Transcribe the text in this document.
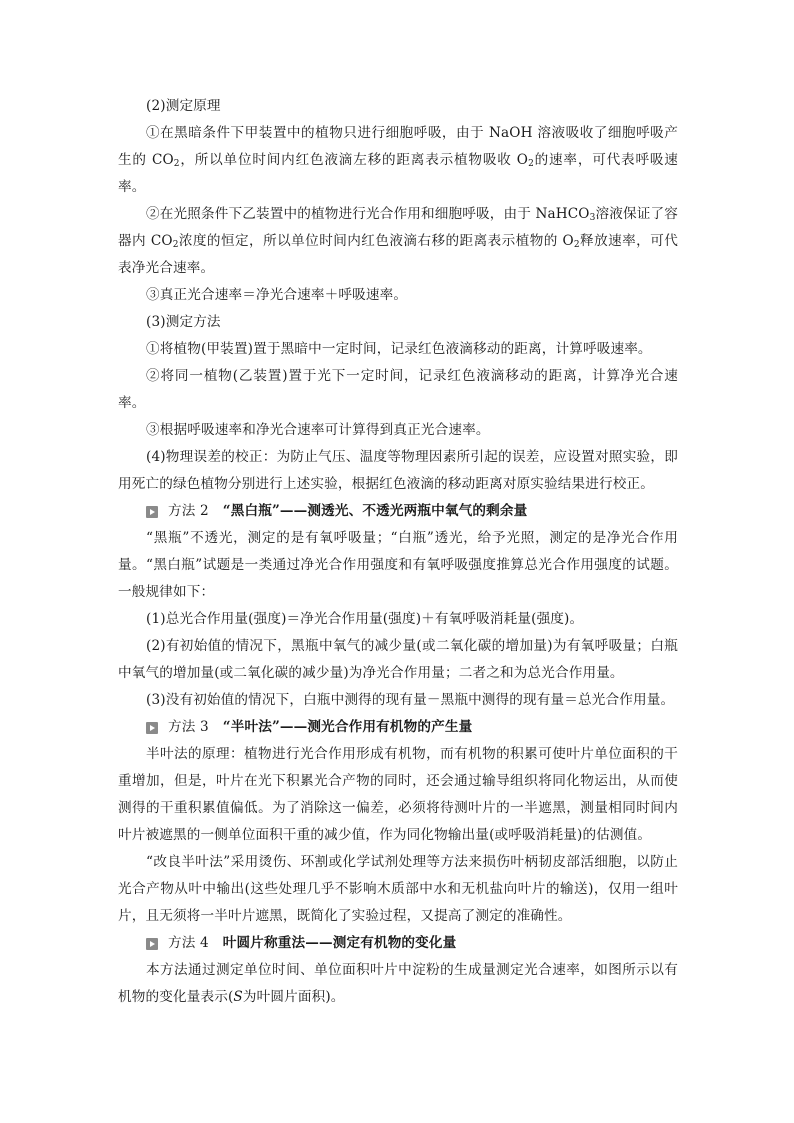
(2)测定原理

①在黑暗条件下甲装置中的植物只进行细胞呼吸，由于 NaOH 溶液吸收了细胞呼吸产生的 $CO_2$，所以单位时间内红色液滴左移的距离表示植物吸收 $O_2$的速率，可代表呼吸速率。

②在光照条件下乙装置中的植物进行光合作用和细胞呼吸，由于 NaHCO$_3$溶液保证了容器内 $CO_2$浓度的恒定，所以单位时间内红色液滴右移的距离表示植物的 $O_2$释放速率，可代表净光合速率。

③真正光合速率＝净光合速率＋呼吸速率。

(3)测定方法

①将植物(甲装置)置于黑暗中一定时间，记录红色液滴移动的距离，计算呼吸速率。

②将同一植物(乙装置)置于光下一定时间，记录红色液滴移动的距离，计算净光合速率。

③根据呼吸速率和净光合速率可计算得到真正光合速率。

(4)物理误差的校正：为防止气压、温度等物理因素所引起的误差，应设置对照实验，即用死亡的绿色植物分别进行上述实验，根据红色液滴的移动距离对原实验结果进行校正。

方法 2 “黑白瓶”——测透光、不透光两瓶中氧气的剩余量

“黑瓶”不透光，测定的是有氧呼吸量；“白瓶”透光，给予光照，测定的是净光合作用量。“黑白瓶”试题是一类通过净光合作用强度和有氧呼吸强度推算总光合作用强度的试题。一般规律如下：

(1)总光合作用量(强度)＝净光合作用量(强度)＋有氧呼吸消耗量(强度)。

(2)有初始值的情况下，黑瓶中氧气的减少量(或二氧化碳的增加量)为有氧呼吸量；白瓶中氧气的增加量(或二氧化碳的减少量)为净光合作用量；二者之和为总光合作用量。

(3)没有初始值的情况下，白瓶中测得的现有量－黑瓶中测得的现有量＝总光合作用量。

方法 3 “半叶法”——测光合作用有机物的产生量

半叶法的原理：植物进行光合作用形成有机物，而有机物的积累可使叶片单位面积的干重增加，但是，叶片在光下积累光合产物的同时，还会通过输导组织将同化物运出，从而使测得的干重积累值偏低。为了消除这一偏差，必须将待测叶片的一半遮黑，测量相同时间内叶片被遮黑的一侧单位面积干重的减少值，作为同化物输出量(或呼吸消耗量)的估测值。

“改良半叶法”采用烫伤、环割或化学试剂处理等方法来损伤叶柄韧皮部活细胞，以防止光合产物从叶中输出(这些处理几乎不影响木质部中水和无机盐向叶片的输送)，仅用一组叶片，且无须将一半叶片遮黑，既简化了实验过程，又提高了测定的准确性。

方法 4 叶圆片称重法——测定有机物的变化量

本方法通过测定单位时间、单位面积叶片中淀粉的生成量测定光合速率，如图所示以有机物的变化量表示(S为叶圆片面积)。
